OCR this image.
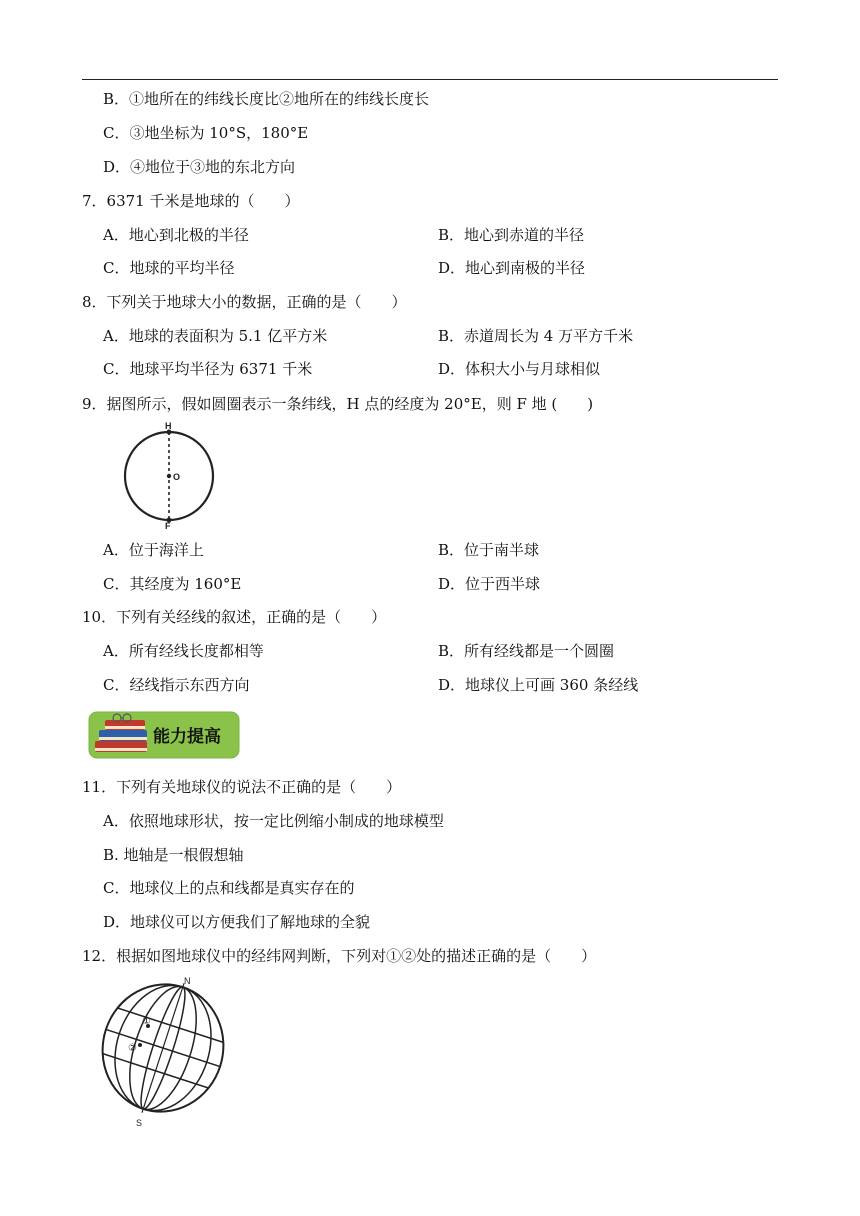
B．①地所在的纬线长度比②地所在的纬线长度长
C．③地坐标为 10°S，180°E
D．④地位于③地的东北方向
7．6371 千米是地球的（　　）
A．地心到北极的半径	B．地心到赤道的半径
C．地球的平均半径	D．地心到南极的半径
8．下列关于地球大小的数据，正确的是（　　）
A．地球的表面积为 5.1 亿平方米	B．赤道周长为 4 万平方千米
C．地球平均半径为 6371 千米	D．体积大小与月球相似
9．据图所示，假如圆圈表示一条纬线，H 点的经度为 20°E，则 F 地 (　　)
H
O
F
A．位于海洋上	B．位于南半球
C．其经度为 160°E	D．位于西半球
10．下列有关经线的叙述，正确的是（　　）
A．所有经线长度都相等	B．所有经线都是一个圆圈
C．经线指示东西方向	D．地球仪上可画 360 条经线
能力提高
11．下列有关地球仪的说法不正确的是（　　）
A．依照地球形状，按一定比例缩小制成的地球模型
B. 地轴是一根假想轴
C．地球仪上的点和线都是真实存在的
D．地球仪可以方便我们了解地球的全貌
12．根据如图地球仪中的经纬网判断，下列对①②处的描述正确的是（　　）
N
S
①
②
